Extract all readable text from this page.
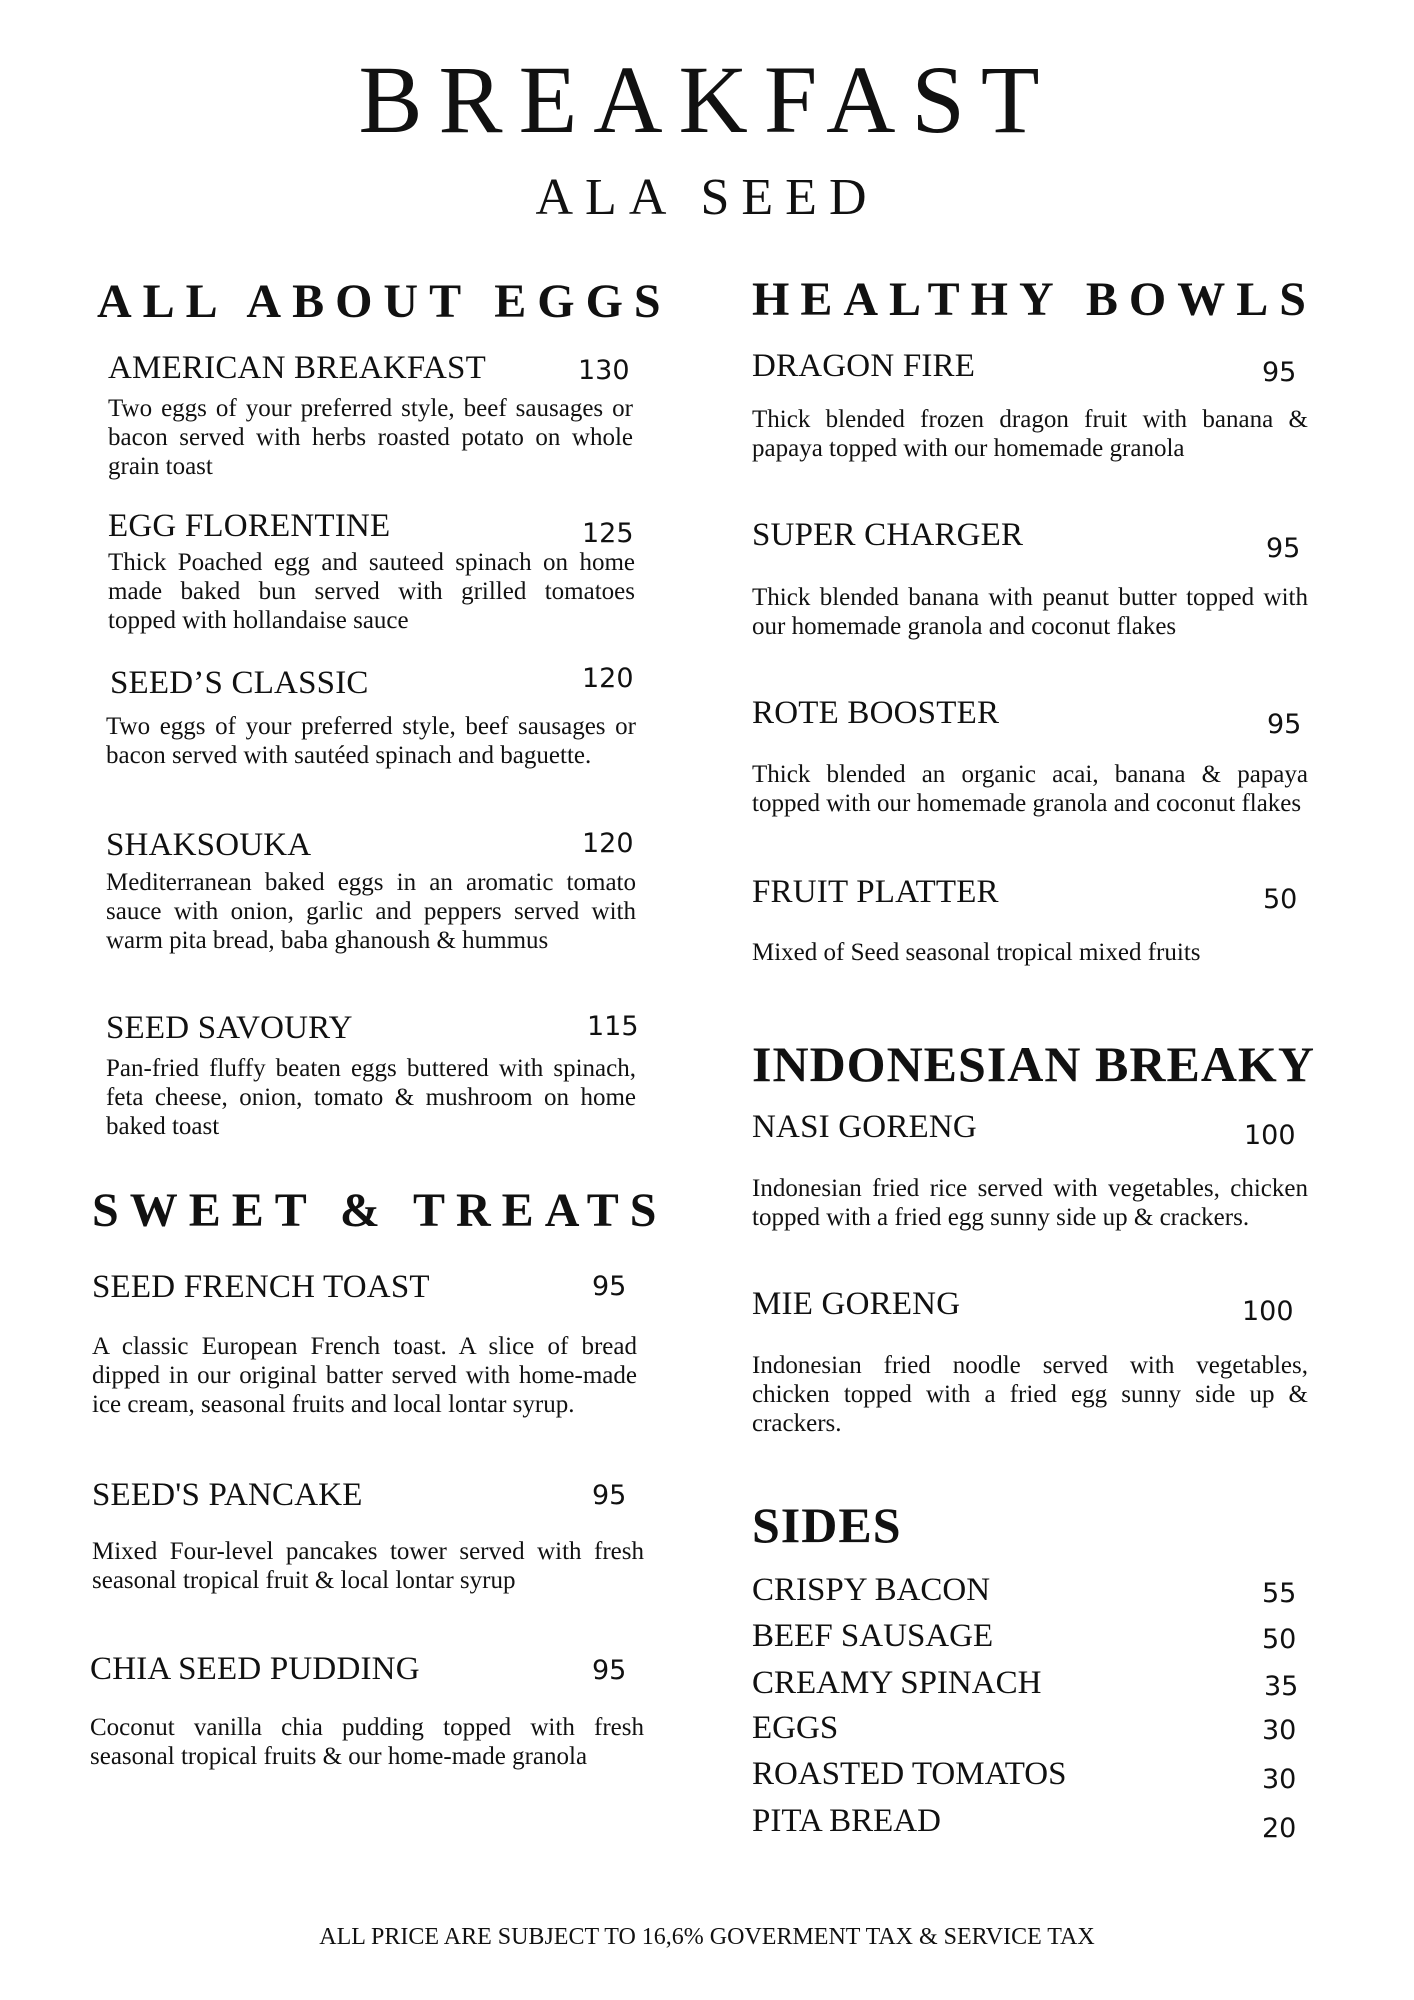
BREAKFAST
ALA SEED
ALL ABOUT EGGS
AMERICAN BREAKFAST	130
Two eggs of your preferred style, beef sausages or bacon served with herbs roasted potato on whole grain toast
EGG FLORENTINE	125
Thick Poached egg and sauteed spinach on home made baked bun served with grilled tomatoes topped with hollandaise sauce
SEED’S CLASSIC	120
Two eggs of your preferred style, beef sausages or bacon served with sautéed spinach and baguette.
SHAKSOUKA	120
Mediterranean baked eggs in an aromatic tomato sauce with onion, garlic and peppers served with warm pita bread, baba ghanoush & hummus
SEED SAVOURY	115
Pan-fried fluffy beaten eggs buttered with spinach, feta cheese, onion, tomato & mushroom on home baked toast
SWEET & TREATS
SEED FRENCH TOAST	95
A classic European French toast. A slice of bread dipped in our original batter served with home-made ice cream, seasonal fruits and local lontar syrup.
SEED'S PANCAKE	95
Mixed Four-level pancakes tower served with fresh seasonal tropical fruit & local lontar syrup
CHIA SEED PUDDING	95
Coconut vanilla chia pudding topped with fresh seasonal tropical fruits & our home-made granola
HEALTHY BOWLS
DRAGON FIRE	95
Thick blended frozen dragon fruit with banana & papaya topped with our homemade granola
SUPER CHARGER	95
Thick blended banana with peanut butter topped with our homemade granola and coconut flakes
ROTE BOOSTER	95
Thick blended an organic acai, banana & papaya topped with our homemade granola and coconut flakes
FRUIT PLATTER	50
Mixed of Seed seasonal tropical mixed fruits
INDONESIAN BREAKY
NASI GORENG	100
Indonesian fried rice served with vegetables, chicken topped with a fried egg sunny side up & crackers.
MIE GORENG	100
Indonesian fried noodle served with vegetables, chicken topped with a fried egg sunny side up & crackers.
SIDES
CRISPY BACON	55
BEEF SAUSAGE	50
CREAMY SPINACH	35
EGGS	30
ROASTED TOMATOS	30
PITA BREAD	20
ALL PRICE ARE SUBJECT TO 16,6% GOVERMENT TAX & SERVICE TAX
